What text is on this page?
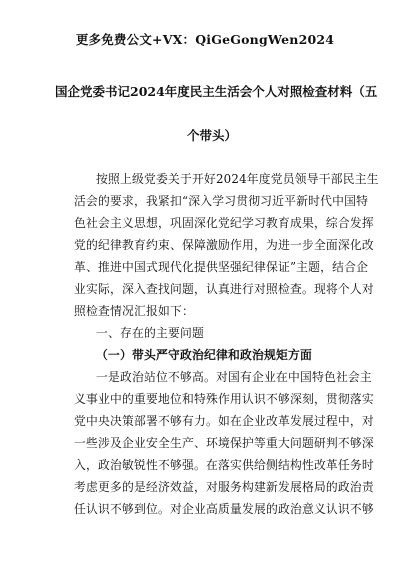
更多免费公文+VX：QiGeGongWen2024
国企党委书记2024年度民主生活会个人对照检查材料（五
个带头）
按照上级党委关于开好2024年度党员领导干部民主生
活会的要求，我紧扣“深入学习贯彻习近平新时代中国特
色社会主义思想，巩固深化党纪学习教育成果，综合发挥
党的纪律教育约束、保障激励作用，为进一步全面深化改
革、推进中国式现代化提供坚强纪律保证”主题，结合企
业实际，深入查找问题，认真进行对照检查。现将个人对
照检查情况汇报如下：
一、存在的主要问题
（一）带头严守政治纪律和政治规矩方面
一是政治站位不够高。对国有企业在中国特色社会主
义事业中的重要地位和特殊作用认识不够深刻，贯彻落实
党中央决策部署不够有力。如在企业改革发展过程中，对
一些涉及企业安全生产、环境保护等重大问题研判不够深
入，政治敏锐性不够强。在落实供给侧结构性改革任务时
考虑更多的是经济效益，对服务构建新发展格局的政治责
任认识不够到位。对企业高质量发展的政治意义认识不够
